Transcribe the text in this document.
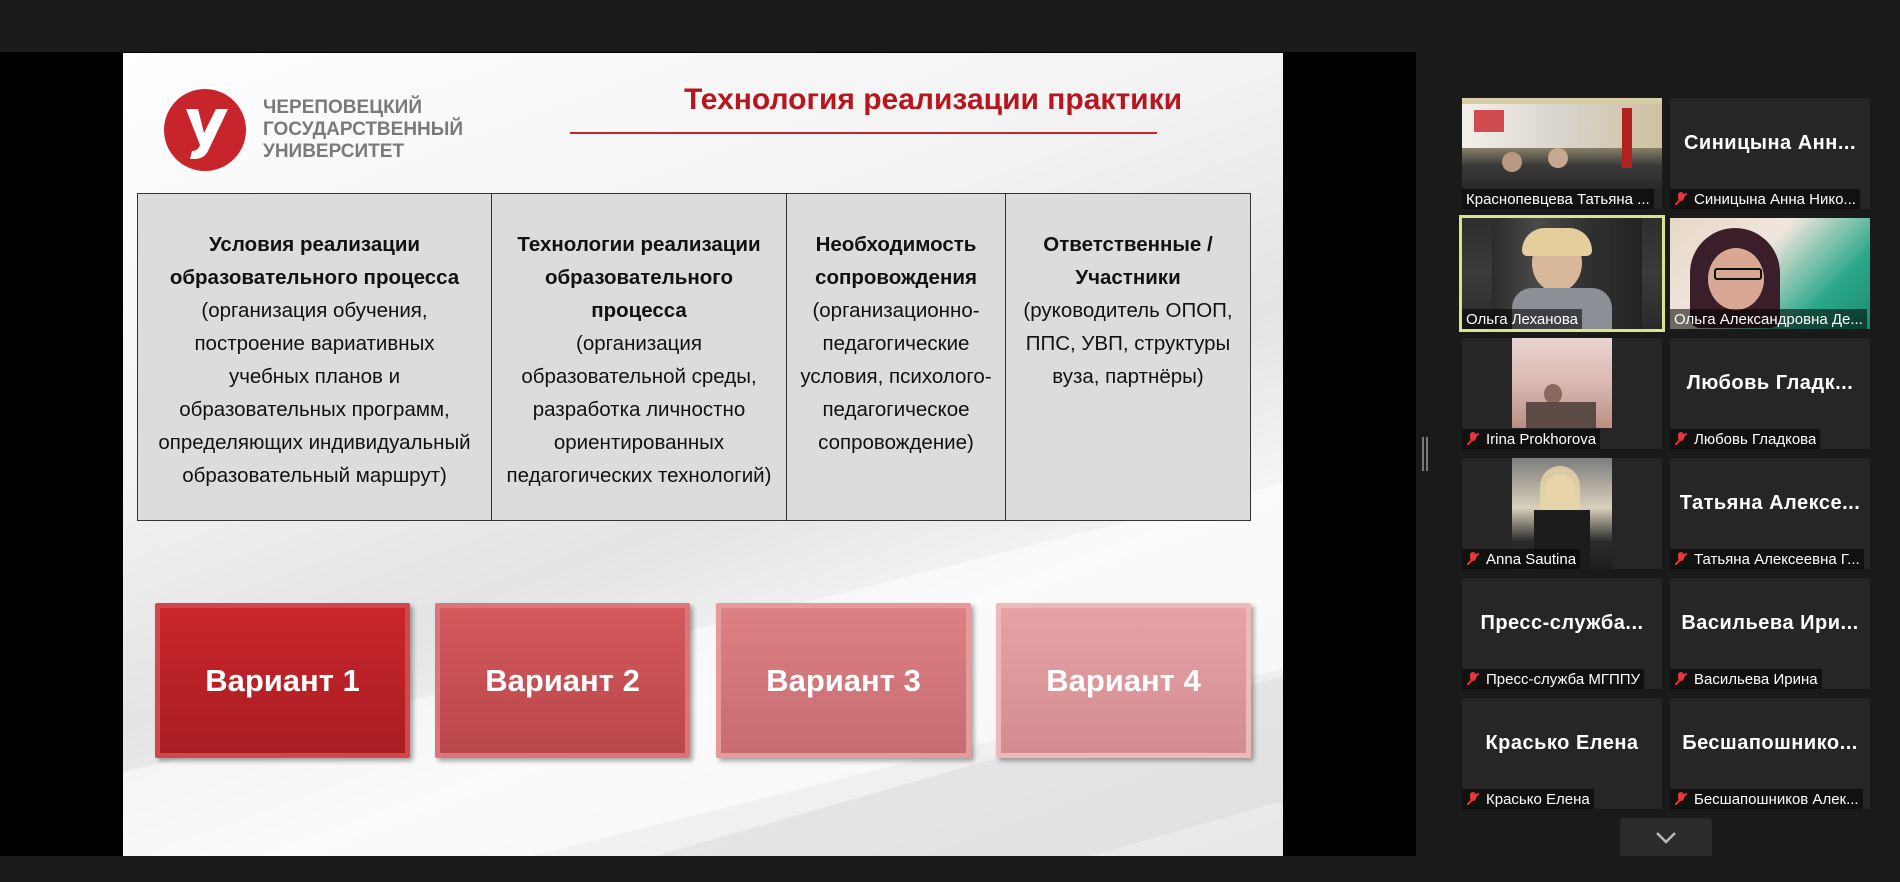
ЧЕРЕПОВЕЦКИЙ
ГОСУДАРСТВЕННЫЙ
УНИВЕРСИТЕТ
Технология реализации практики
Условия реализации
образовательного процесса
(организация обучения,
построение вариативных
учебных планов и
образовательных программ,
определяющих индивидуальный
образовательный маршрут)

Технологии реализации
образовательного
процесса
(организация
образовательной среды,
разработка личностно
ориентированных
педагогических технологий)

Необходимость
сопровождения
(организационно-
педагогические
условия, психолого-
педагогическое
сопровождение)

Ответственные /
Участники
(руководитель ОПОП,
ППС, УВП, структуры
вуза, партнёры)
Вариант 1	Вариант 2	Вариант 3	Вариант 4
Краснопевцева Татьяна ...
Синицына Анн...
Синицына Анна Нико...
Ольга Леханова	Ольга Александровна Де...
Irina Prokhorova
Любовь Гладк...
Любовь Гладкова
Anna Sautina
Татьяна Алексе...
Татьяна Алексеевна Г...
Пресс-служба...
Пресс-служба МГППУ
Васильева Ири...
Васильева Ирина
Красько Елена
Красько Елена
Бесшапошнико...
Бесшапошников Алек...
